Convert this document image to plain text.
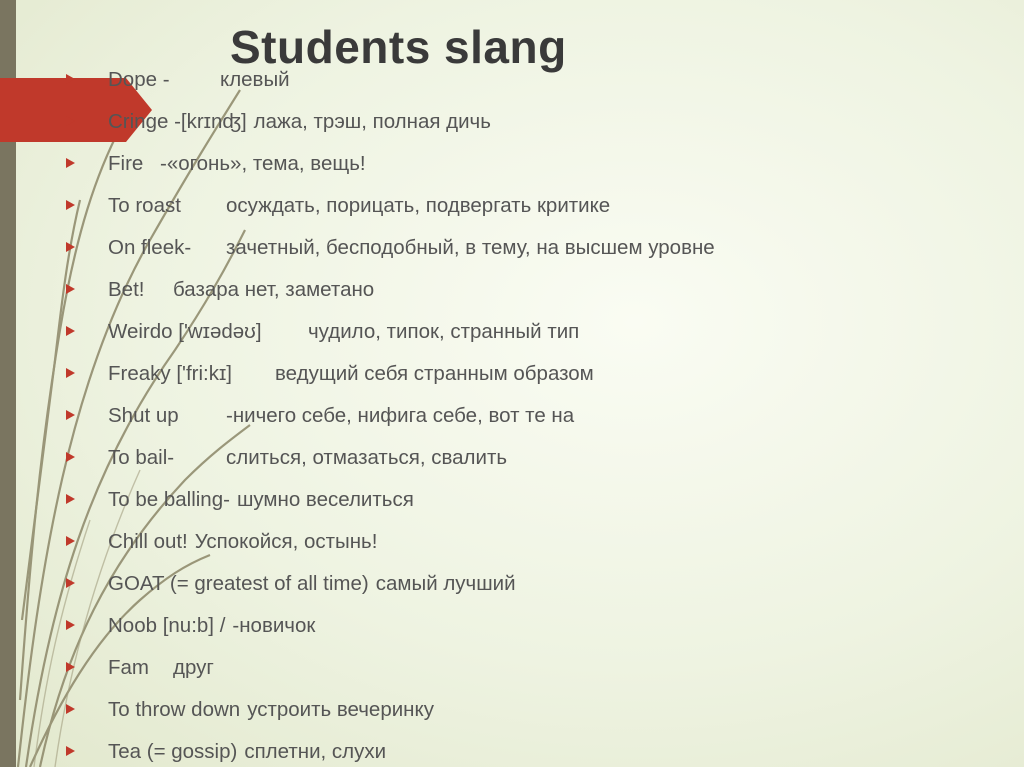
Students slang
Dope -	клевый
Cringe -[krɪnʤ] лажа, трэш, полная дичь
Fire -«огонь», тема, вещь!
To roast	осуждать, порицать, подвергать критике
On fleek-	зачетный, бесподобный, в тему, на высшем уровне
Bet!	базара нет, заметано
Weirdo ['wɪədəʊ]	чудило, типок, странный тип
Freaky ['fri:kɪ]	ведущий себя странным образом
Shut up	-ничего себе, нифига себе, вот те на
To bail-	слиться, отмазаться, свалить
To be balling- шумно веселиться
Chill out! Успокойся, остынь!
GOAT (= greatest of all time) самый лучший
Noob [nu:b] / -новичок
Fam	друг
To throw down устроить вечеринку
Tea (= gossip) сплетни, слухи
